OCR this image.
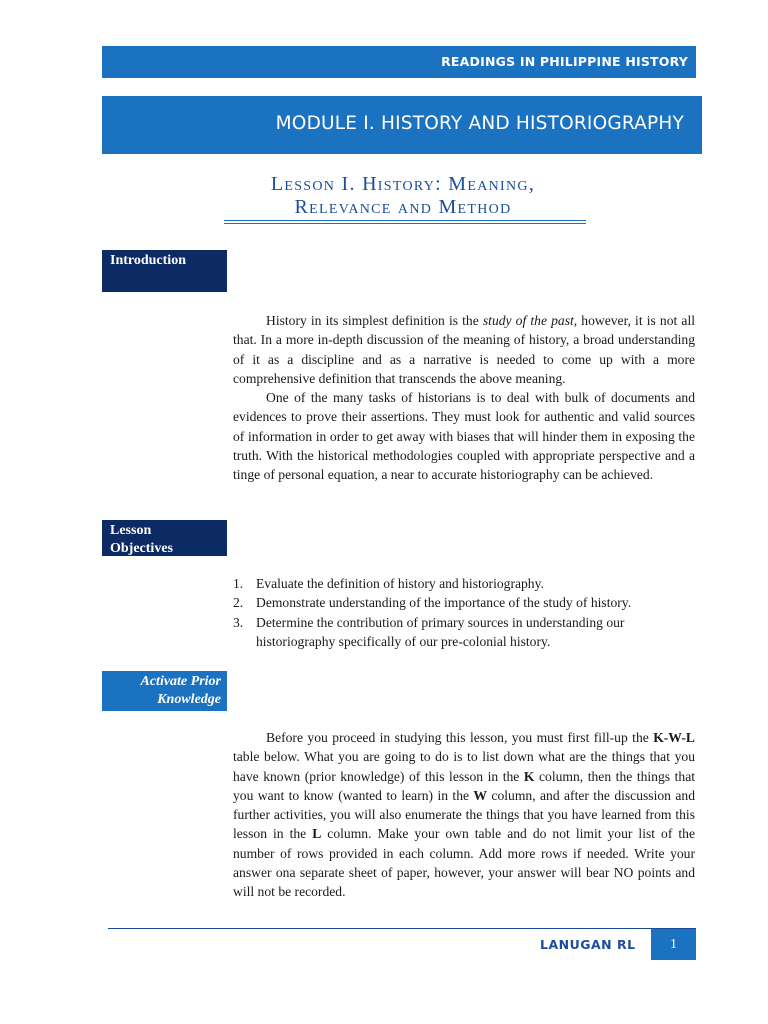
READINGS IN PHILIPPINE HISTORY
MODULE I. HISTORY AND HISTORIOGRAPHY
Lesson I. History: Meaning,
Relevance and Method
Introduction

History in its simplest definition is the study of the past, however, it is not all that. In a more in-depth discussion of the meaning of history, a broad understanding of it as a discipline and as a narrative is needed to come up with a more comprehensive definition that transcends the above meaning.

One of the many tasks of historians is to deal with bulk of documents and evidences to prove their assertions. They must look for authentic and valid sources of information in order to get away with biases that will hinder them in exposing the truth. With the historical methodologies coupled with appropriate perspective and a tinge of personal equation, a near to accurate historiography can be achieved.

Lesson
Objectives
1. Evaluate the definition of history and historiography.
2. Demonstrate understanding of the importance of the study of history.
3. Determine the contribution of primary sources in understanding our historiography specifically of our pre-colonial history.
Activate Prior
Knowledge

Before you proceed in studying this lesson, you must first fill-up the K-W-L table below. What you are going to do is to list down what are the things that you have known (prior knowledge) of this lesson in the K column, then the things that you want to know (wanted to learn) in the W column, and after the discussion and further activities, you will also enumerate the things that you have learned from this lesson in the L column. Make your own table and do not limit your list of the number of rows provided in each column. Add more rows if needed. Write your answer ona separate sheet of paper, however, your answer will bear NO points and will not be recorded.

LANUGAN RL	1
